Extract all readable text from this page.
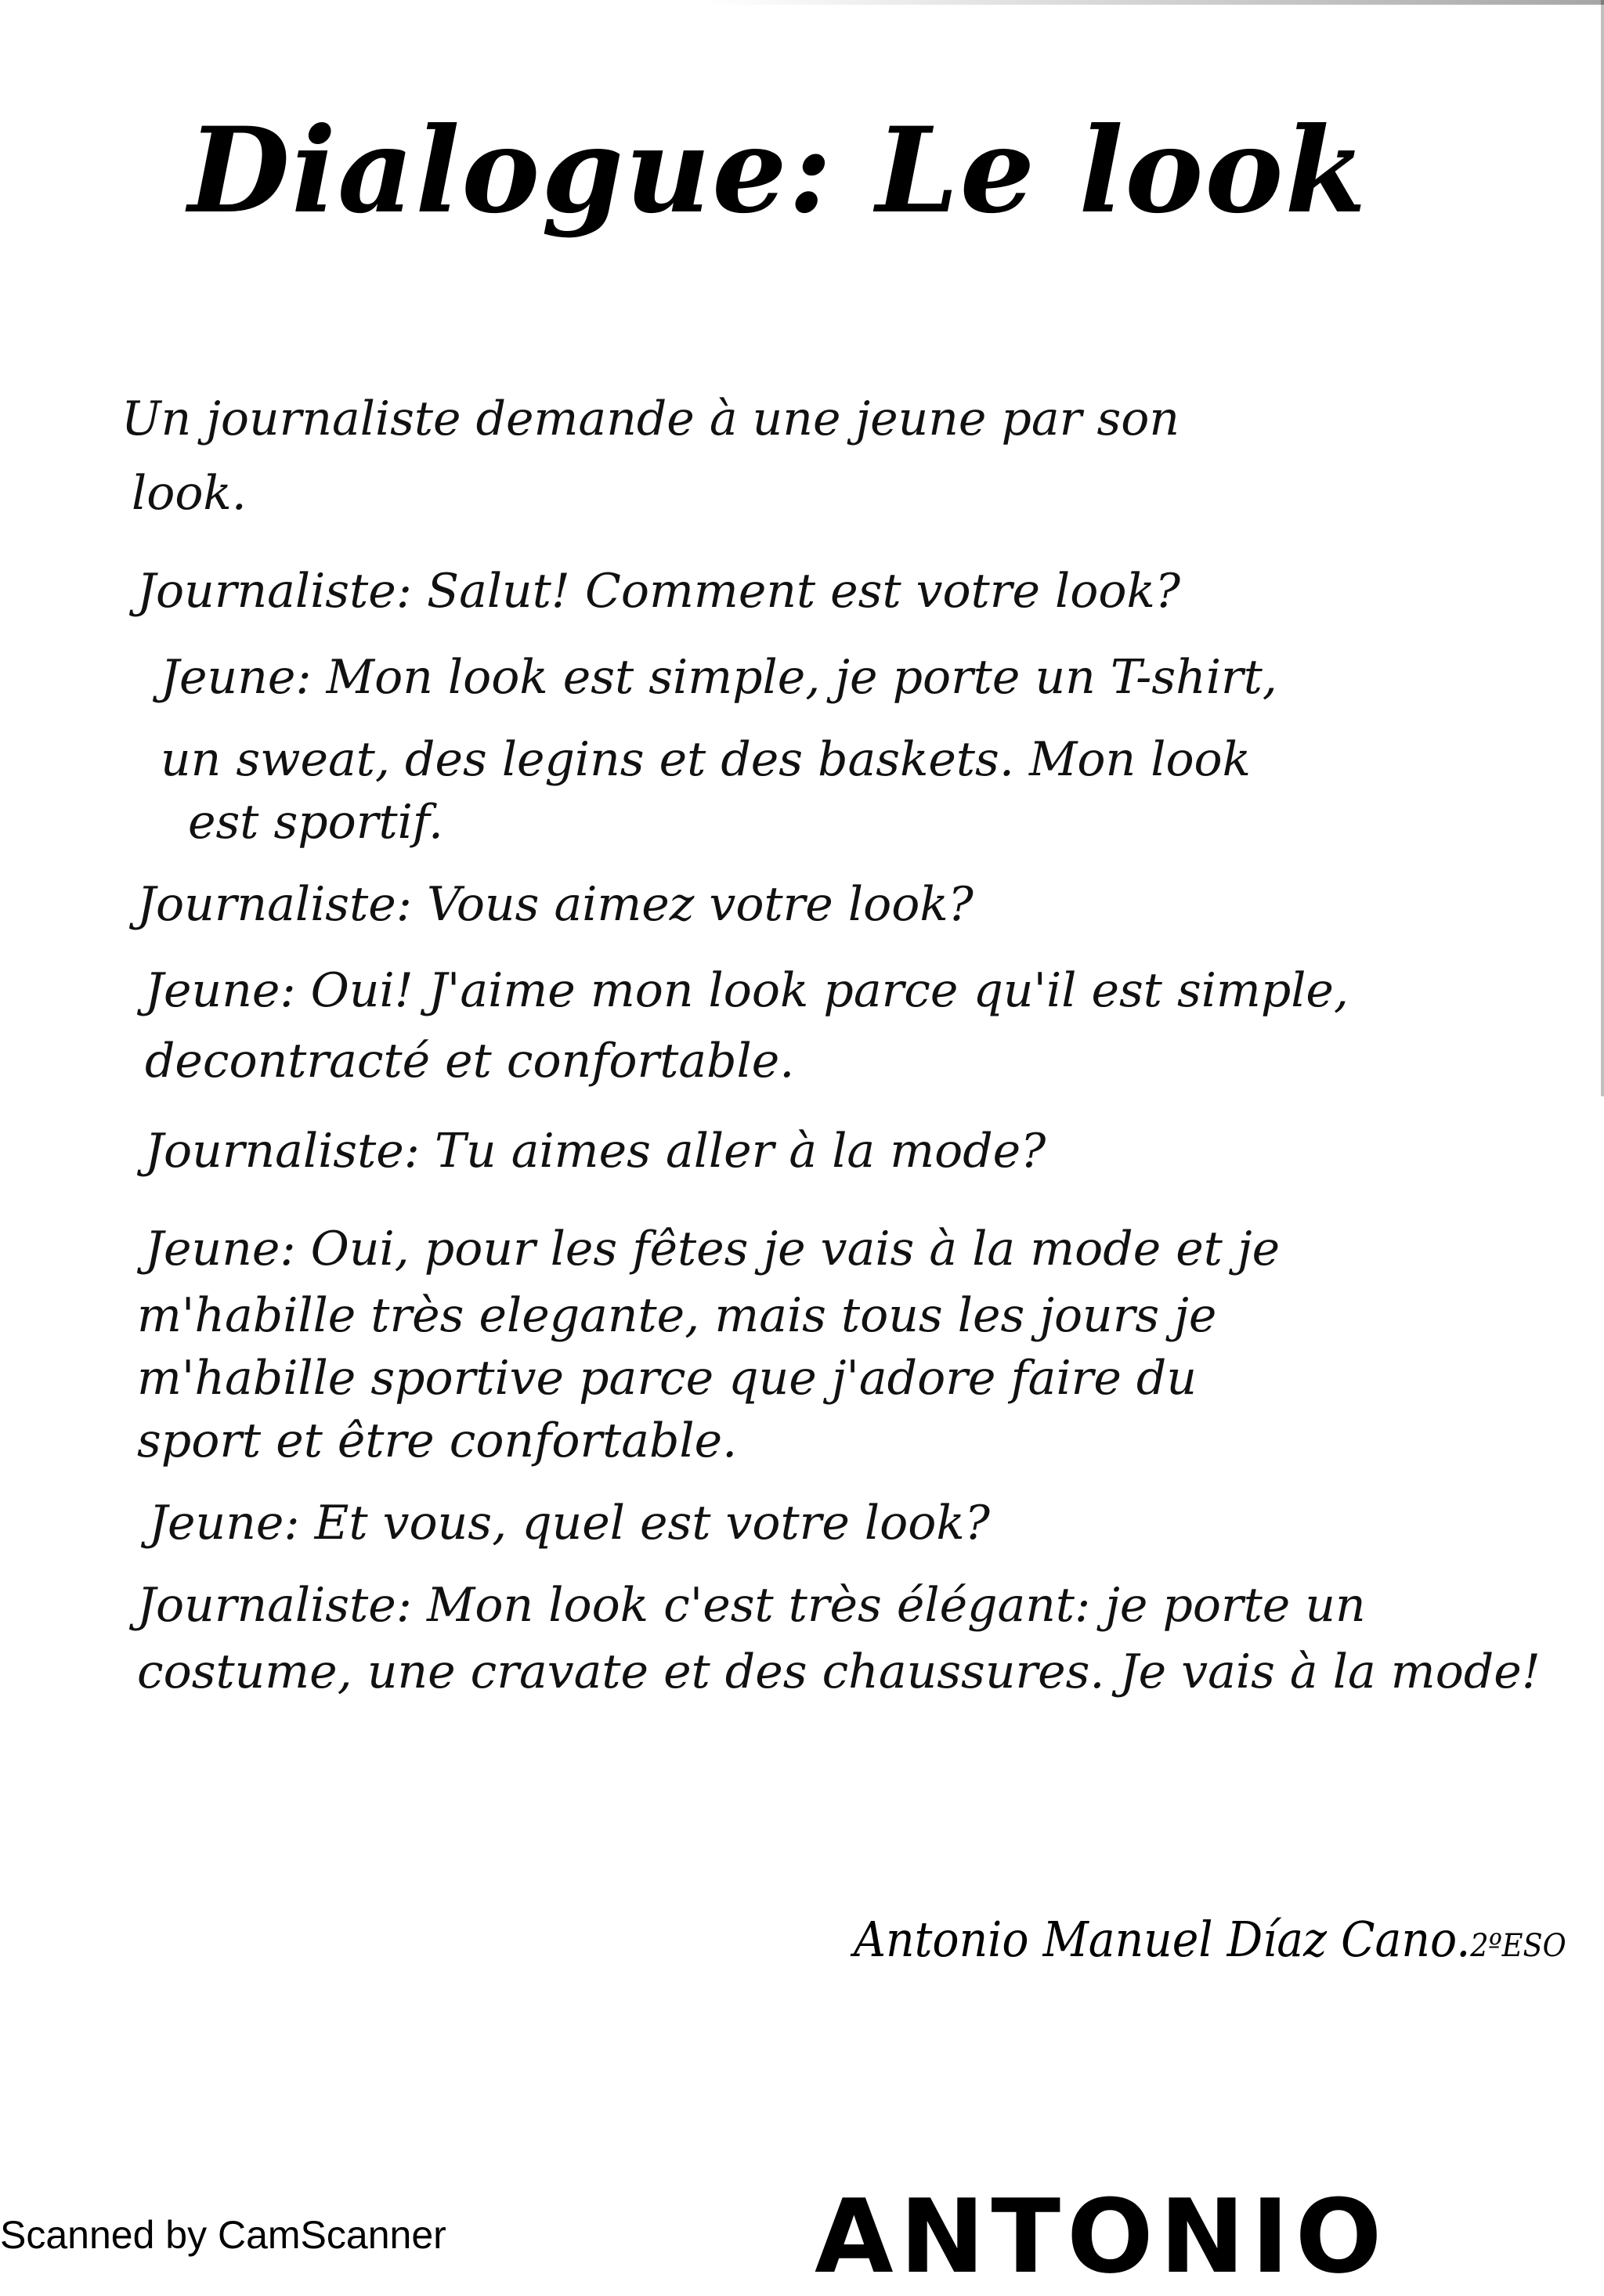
Dialogue: Le look
Un journaliste demande à une jeune par son
look.
Journaliste: Salut! Comment est votre look?
Jeune: Mon look est simple, je porte un T-shirt,
un sweat, des legins et des baskets. Mon look
est sportif.
Journaliste: Vous aimez votre look?
Jeune: Oui! J'aime mon look parce qu'il est simple,
decontracté et confortable.
Journaliste: Tu aimes aller à la mode?
Jeune: Oui, pour les fêtes je vais à la mode et je
m'habille très elegante, mais tous les jours je
m'habille sportive parce que j'adore faire du
sport et être confortable.
Jeune: Et vous, quel est votre look?
Journaliste: Mon look c'est très élégant: je porte un
costume, une cravate et des chaussures. Je vais à la mode!
Antonio Manuel Díaz Cano.2ºESO
ANTONIO
Scanned by CamScanner
